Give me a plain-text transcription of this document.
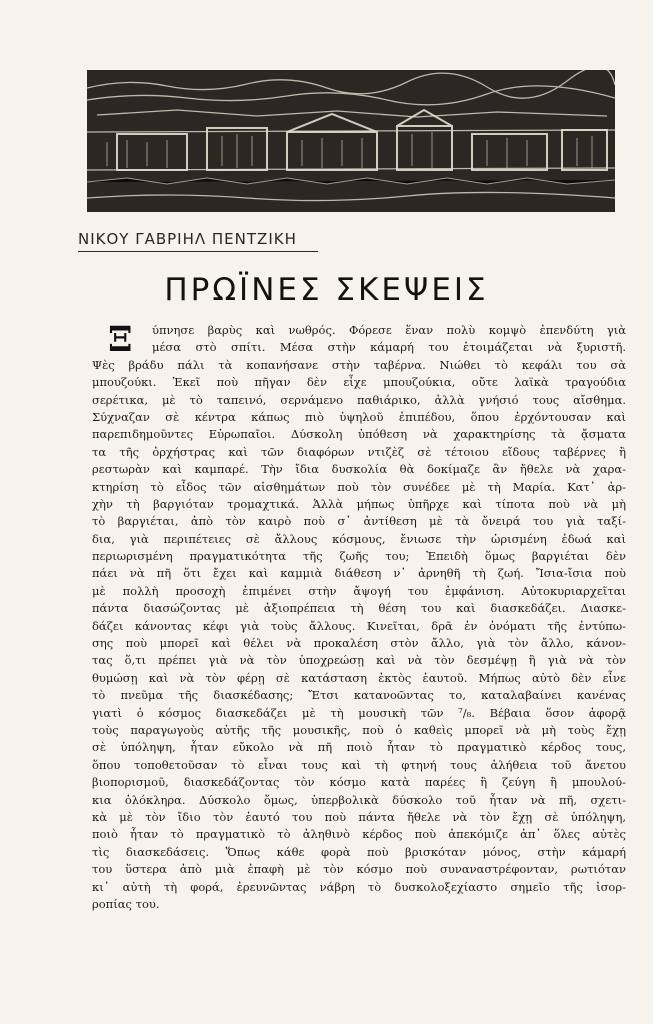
ΝΙΚΟΥ ΓΑΒΡΙΗΛ ΠΕΝΤΖΙΚΗ
ΠΡΩΪΝΕΣ ΣΚΕΨΕΙΣ
Ξ	ύπνησε βαρὺς καὶ νωθρός. Φόρεσε ἕναν πολὺ κομψὸ ἐπενδύτη γιὰ
μέσα στὸ σπίτι. Μέσα στὴν κάμαρή του ἑτοιμάζεται νὰ ξυριστῆ.
Ψὲς βράδυ πάλι τὰ κοπανήσανε στὴν ταβέρνα. Νιώθει τὸ κεφάλι του σὰ
μπουζούκι. Ἐκεῖ ποὺ πῆγαν δὲν εἶχε μπουζούκια, οὔτε λαϊκὰ τραγούδια
σερέτικα, μὲ τὸ ταπεινό, σερνάμενο παθιάρικο, ἀλλὰ γνήσιό τους αἴσθημα.
Σύχναζαν σὲ κέντρα κάπως πιὸ ὑψηλοῦ ἐπιπέδου, ὅπου ἐρχόντουσαν καὶ
παρεπιδημοῦντες Εὐρωπαῖοι. Δύσκολη ὑπόθεση νὰ χαρακτηρίσης τὰ ᾄσματα
τα τῆς ὀρχήστρας καὶ τῶν διαφόρων ντιζὲζ σὲ τέτοιου εἴδους ταβέρνες ἢ
ρεστωρὰν καὶ καμπαρέ. Τὴν ἴδια δυσκολία θὰ δοκίμαζε ἂν ἤθελε νὰ χαρα-
κτηρίση τὸ εἶδος τῶν αἰσθημάτων ποὺ τὸν συνέδεε μὲ τὴ Μαρία. Κατ᾽ ἀρ-
χὴν τὴ βαργιόταν τρομαχτικά. Ἀλλὰ μήπως ὑπῆρχε καὶ τίποτα ποὺ νὰ μὴ
τὸ βαργιέται, ἀπὸ τὸν καιρὸ ποὺ σ᾽ ἀντίθεση μὲ τὰ ὄνειρά του γιὰ ταξί-
δια, γιὰ περιπέτειες σὲ ἄλλους κόσμους, ἔνιωσε τὴν ὡρισμένη ἐδωά καὶ
περιωρισμένη πραγματικότητα τῆς ζωῆς του; Ἐπειδὴ ὅμως βαργιέται δὲν
πάει νὰ πῆ ὅτι ἔχει καὶ καμμιὰ διάθεση ν᾽ ἀρνηθῆ τὴ ζωή. Ἴσια-ἴσια ποὺ
μὲ πολλὴ προσοχὴ ἐπιμένει στὴν ἄψογή του ἐμφάνιση. Αὐτοκυριαρχεῖται
πάντα διασώζοντας μὲ ἀξιοπρέπεια τὴ θέση του καὶ διασκεδάζει. Διασκε-
δάζει κάνοντας κέφι γιὰ τοὺς ἄλλους. Κινεῖται, δρᾶ ἐν ὀνόματι τῆς ἐντύπω-
σης ποὺ μπορεῖ καὶ θέλει νὰ προκαλέση στὸν ἄλλο, γιὰ τὸν ἄλλο, κάνον-
τας ὅ,τι πρέπει γιὰ νὰ τὸν ὑποχρεώσῃ καὶ νὰ τὸν δεσμέψῃ ἢ γιὰ νὰ τὸν
θυμώσῃ καὶ νὰ τὸν φέρῃ σὲ κατάσταση ἐκτὸς ἑαυτοῦ. Μήπως αὐτὸ δὲν εἶνε
τὸ πνεῦμα τῆς διασκέδασης; Ἔτσι κατανοῶντας το, καταλαβαίνει κανένας
γιατὶ ὁ κόσμος διασκεδάζει μὲ τὴ μουσικὴ τῶν ⁷/₈. Βέβαια ὅσον ἀφορᾷ
τοὺς παραγωγοὺς αὐτῆς τῆς μουσικῆς, ποὺ ὁ καθεὶς μπορεῖ νὰ μὴ τοὺς ἔχῃ
σὲ ὑπόληψη, ἦταν εὔκολο νὰ πῆ ποιὸ ἦταν τὸ πραγματικὸ κέρδος τους,
ὅπου τοποθετοῦσαν τὸ εἶναι τους καὶ τὴ φτηνή τους ἀλήθεια τοῦ ἄνετου
βιοπορισμοῦ, διασκεδάζοντας τὸν κόσμο κατὰ παρέες ἢ ζεύγη ἢ μπουλού-
κια ὁλόκληρα. Δύσκολο ὅμως, ὑπερβολικὰ δύσκολο τοῦ ἦταν νὰ πῆ, σχετι-
κὰ μὲ τὸν ἴδιο τὸν ἑαυτό του ποὺ πάντα ἤθελε νὰ τὸν ἔχῃ σὲ ὑπόληψη,
ποιὸ ἦταν τὸ πραγματικὸ τὸ ἀληθινὸ κέρδος ποὺ ἀπεκόμιζε ἀπ᾽ ὅλες αὐτὲς
τὶς διασκεδάσεις. Ὅπως κάθε φορὰ ποὺ βρισκόταν μόνος, στὴν κάμαρή
του ὕστερα ἀπὸ μιὰ ἐπαφὴ μὲ τὸν κόσμο ποὺ συναναστρέφονταν, ρωτιόταν
κι᾽ αὐτὴ τὴ φορά, ἐρευνῶντας νάβρη τὸ δυσκολοξεχίαστο σημεῖο τῆς ἰσορ-
ροπίας του.
